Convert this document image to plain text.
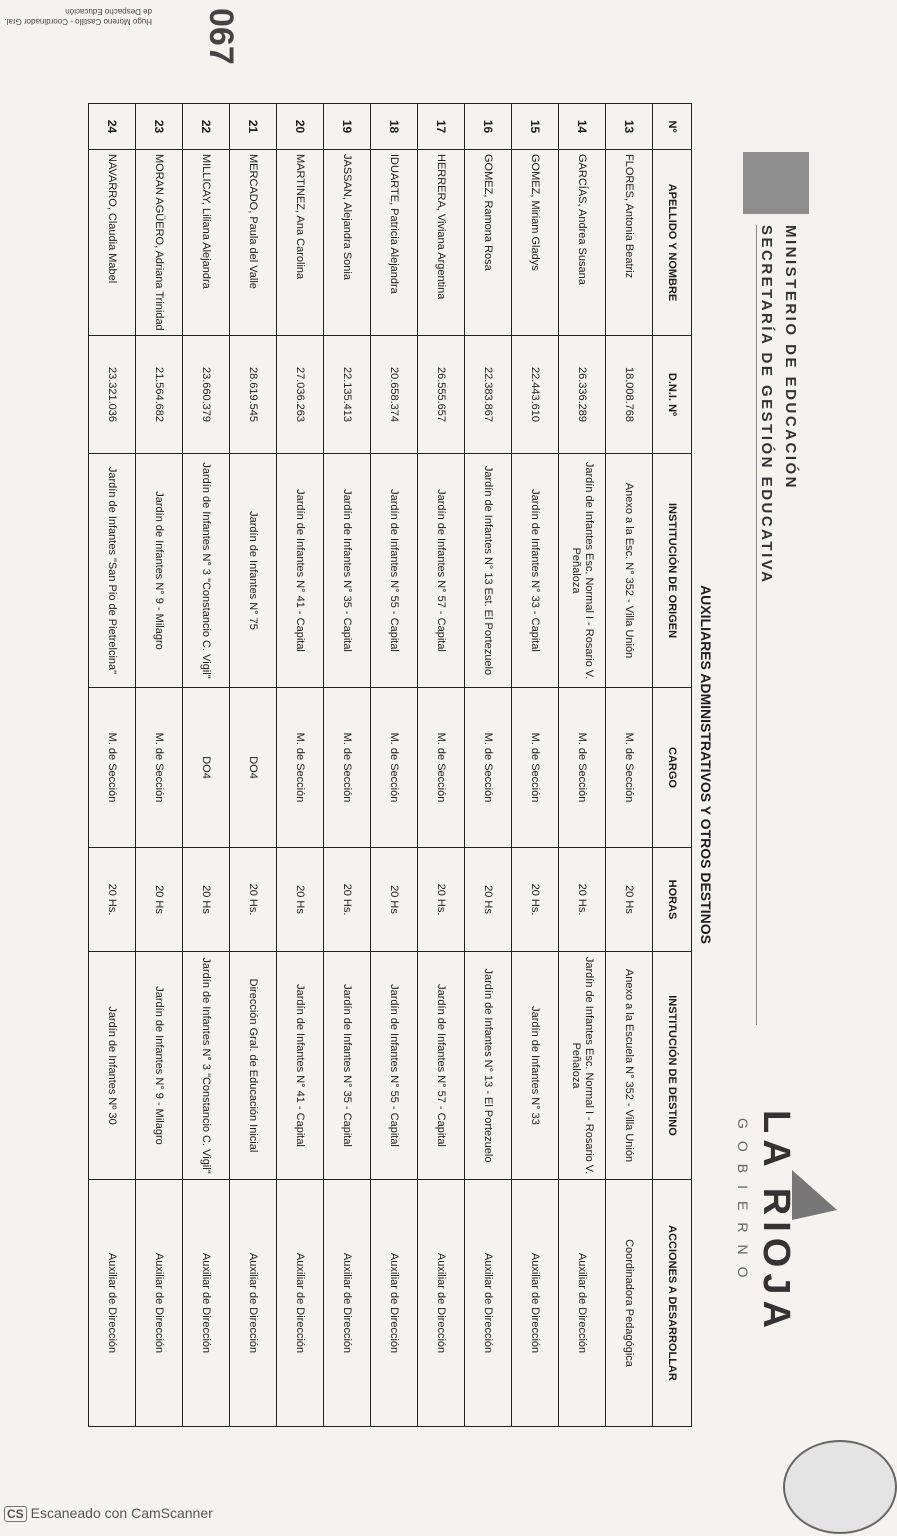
MINISTERIO DE EDUCACIÓN
SECRETARÍA DE GESTIÓN EDUCATIVA
LA RIOJA
GOBIERNO
AUXILIARES ADMINISTRATIVOS Y OTROS DESTINOS
Nº	APELLIDO Y NOMBRE	D.N.I. Nº	INSTITUCIÓN DE ORIGEN	CARGO	HORAS	INSTITUCIÓN DE DESTINO	ACCIONES A DESARROLLAR
13	FLORES, Antonia Beatriz	18.008.768	Anexo a la Esc. N° 352 - Villa Unión	M. de Sección	20 Hs	Anexo a la Escuela N° 352 - Villa Unión	Coordinadora Pedagógica
14	GARCÍAS, Andrea Susana	26.336.289	Jardín de Infantes Esc. Normal I - Rosario V. Peñaloza	M. de Sección	20 Hs.	Jardín de Infantes Esc. Normal I - Rosario V. Peñaloza	Auxiliar de Dirección
15	GOMEZ, Miriam Gladys	22.443.610	Jardín de Infantes N° 33 - Capital	M. de Sección	20 Hs.	Jardín de Infantes N° 33	Auxiliar de Dirección
16	GOMEZ, Ramona Rosa	22.383.867	Jardín de Infantes N° 13 Est. El Portezuelo	M. de Sección	20 Hs	Jardín de Infantes N° 13 - El Portezuelo	Auxiliar de Dirección
17	HERRERA, Viviana Argentina	26.555.657	Jardín de Infantes N° 57 - Capital	M. de Sección	20 Hs.	Jardín de Infantes N° 57 - Capital	Auxiliar de Dirección
18	IDUARTE, Patricia Alejandra	20.658.374	Jardín de Infantes N° 55 - Capital	M. de Sección	20 Hs	Jardín de Infantes N° 55 - Capital	Auxiliar de Dirección
19	JASSAN, Alejandra Sonia	22.135.413	Jardín de Infantes N° 35 - Capital	M. de Sección	20 Hs.	Jardín de Infantes N° 35 - Capital	Auxiliar de Dirección
20	MARTINEZ, Ana Carolina	27.036.263	Jardín de Infantes N° 41 - Capital	M. de Sección	20 Hs	Jardín de Infantes N° 41 - Capital	Auxiliar de Dirección
21	MERCADO, Paula del Valle	28.619.545	Jardín de Infantes N° 75	DO4	20 Hs.	Dirección Gral. de Educación Inicial	Auxiliar de Dirección
22	MILLICAY, Liliana Alejandra	23.660.379	Jardín de Infantes N° 3 "Constancio C. Vigil"	DO4	20 Hs	Jardín de Infantes N° 3 "Constancio C. Vigil"	Auxiliar de Dirección
23	MORAN AGÜERO, Adriana Trinidad	21.564.682	Jardín de Infantes N° 9 - Milagro	M. de Sección	20 Hs	Jardín de Infantes N° 9 - Milagro	Auxiliar de Dirección
24	NAVARRO, Claudia Mabel	23.321.036	Jardín de Infantes "San Pio de Pietrelcina"	M. de Sección	20 Hs.	Jardín de Infantes Nº 30	Auxiliar de Dirección
CS Escaneado con CamScanner
067
Hugo Moreno Castillo - Coordinador Gral. de Despacho Educación
